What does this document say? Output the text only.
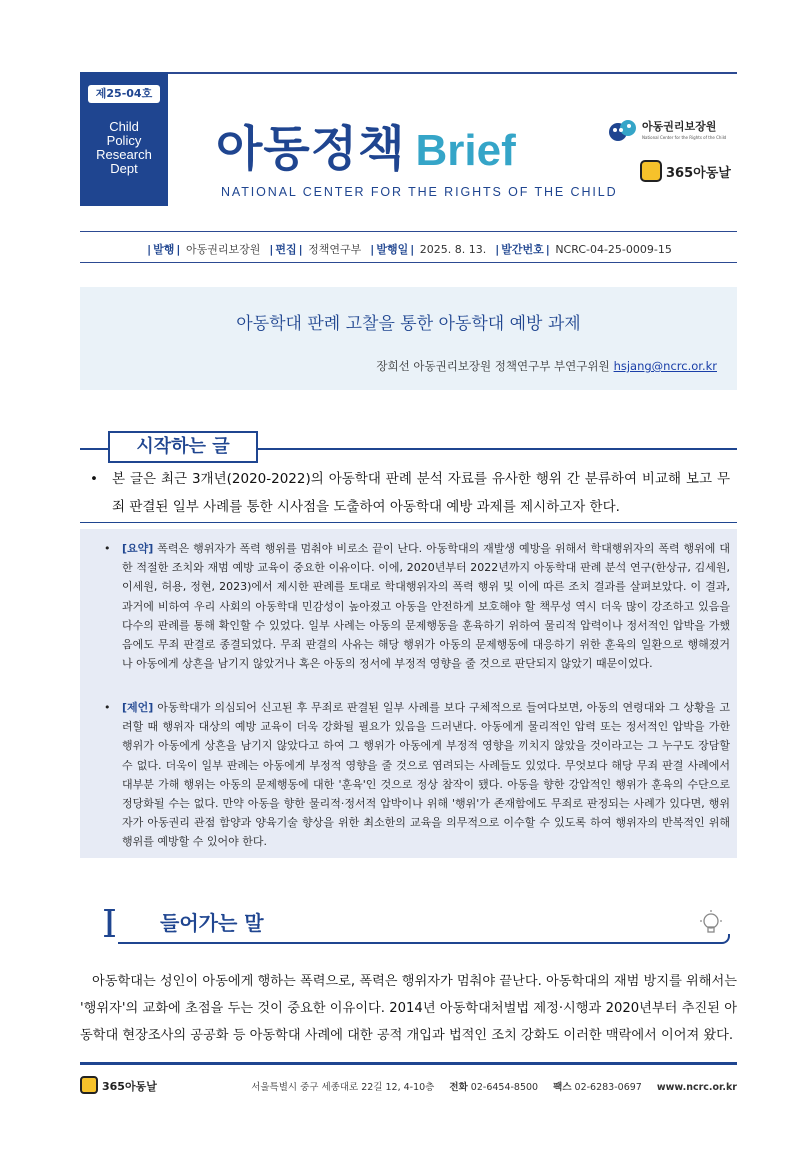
제25-04호
Child
Policy
Research
Dept	아동정책 Brief
NATIONAL CENTER FOR THE RIGHTS OF THE CHILD
아동권리보장원
National Center for the Rights of the Child
365아동날
| 발행 | 아동권리보장원 | 편집 | 정책연구부 | 발행일 | 2025. 8. 13. | 발간번호 | NCRC-04-25-0009-15
아동학대 판례 고찰을 통한 아동학대 예방 과제
장희선 아동권리보장원 정책연구부 부연구위원 hsjang@ncrc.or.kr
시작하는 글
•	본 글은 최근 3개년(2020-2022)의 아동학대 판례 분석 자료를 유사한 행위 간 분류하여 비교해 보고 무죄 판결된 일부 사례를 통한 시사점을 도출하여 아동학대 예방 과제를 제시하고자 한다.
•	[요약] 폭력은 행위자가 폭력 행위를 멈춰야 비로소 끝이 난다. 아동학대의 재발생 예방을 위해서 학대행위자의 폭력 행위에 대한 적절한 조치와 재범 예방 교육이 중요한 이유이다. 이에, 2020년부터 2022년까지 아동학대 판례 분석 연구(한상규, 김세원, 이세원, 허용, 정현, 2023)에서 제시한 판례를 토대로 학대행위자의 폭력 행위 및 이에 따른 조치 결과를 살펴보았다. 이 결과, 과거에 비하여 우리 사회의 아동학대 민감성이 높아졌고 아동을 안전하게 보호해야 할 책무성 역시 더욱 많이 강조하고 있음을 다수의 판례를 통해 확인할 수 있었다. 일부 사례는 아동의 문제행동을 훈육하기 위하여 물리적 압력이나 정서적인 압박을 가했음에도 무죄 판결로 종결되었다. 무죄 판결의 사유는 해당 행위가 아동의 문제행동에 대응하기 위한 훈육의 일환으로 행해졌거나 아동에게 상흔을 남기지 않았거나 혹은 아동의 정서에 부정적 영향을 줄 것으로 판단되지 않았기 때문이었다.
•	[제언] 아동학대가 의심되어 신고된 후 무죄로 판결된 일부 사례를 보다 구체적으로 들여다보면, 아동의 연령대와 그 상황을 고려할 때 행위자 대상의 예방 교육이 더욱 강화될 필요가 있음을 드러낸다. 아동에게 물리적인 압력 또는 정서적인 압박을 가한 행위가 아동에게 상흔을 남기지 않았다고 하여 그 행위가 아동에게 부정적 영향을 끼치지 않았을 것이라고는 그 누구도 장담할 수 없다. 더욱이 일부 판례는 아동에게 부정적 영향을 줄 것으로 염려되는 사례들도 있었다. 무엇보다 해당 무죄 판결 사례에서 대부분 가해 행위는 아동의 문제행동에 대한 '훈육'인 것으로 정상 참작이 됐다. 아동을 향한 강압적인 행위가 훈육의 수단으로 정당화될 수는 없다. 만약 아동을 향한 물리적·정서적 압박이나 위해 '행위'가 존재함에도 무죄로 판정되는 사례가 있다면, 행위자가 아동권리 관점 함양과 양육기술 향상을 위한 최소한의 교육을 의무적으로 이수할 수 있도록 하여 행위자의 반복적인 위해 행위를 예방할 수 있어야 한다.
I 들어가는 말
아동학대는 성인이 아동에게 행하는 폭력으로, 폭력은 행위자가 멈춰야 끝난다. 아동학대의 재범 방지를 위해서는 '행위자'의 교화에 초점을 두는 것이 중요한 이유이다. 2014년 아동학대처벌법 제정·시행과 2020년부터 추진된 아동학대 현장조사의 공공화 등 아동학대 사례에 대한 공적 개입과 법적인 조치 강화도 이러한 맥락에서 이어져 왔다.
365아동날	서울특별시 중구 세종대로 22길 12, 4-10층 전화 02-6454-8500 팩스 02-6283-0697 www.ncrc.or.kr
